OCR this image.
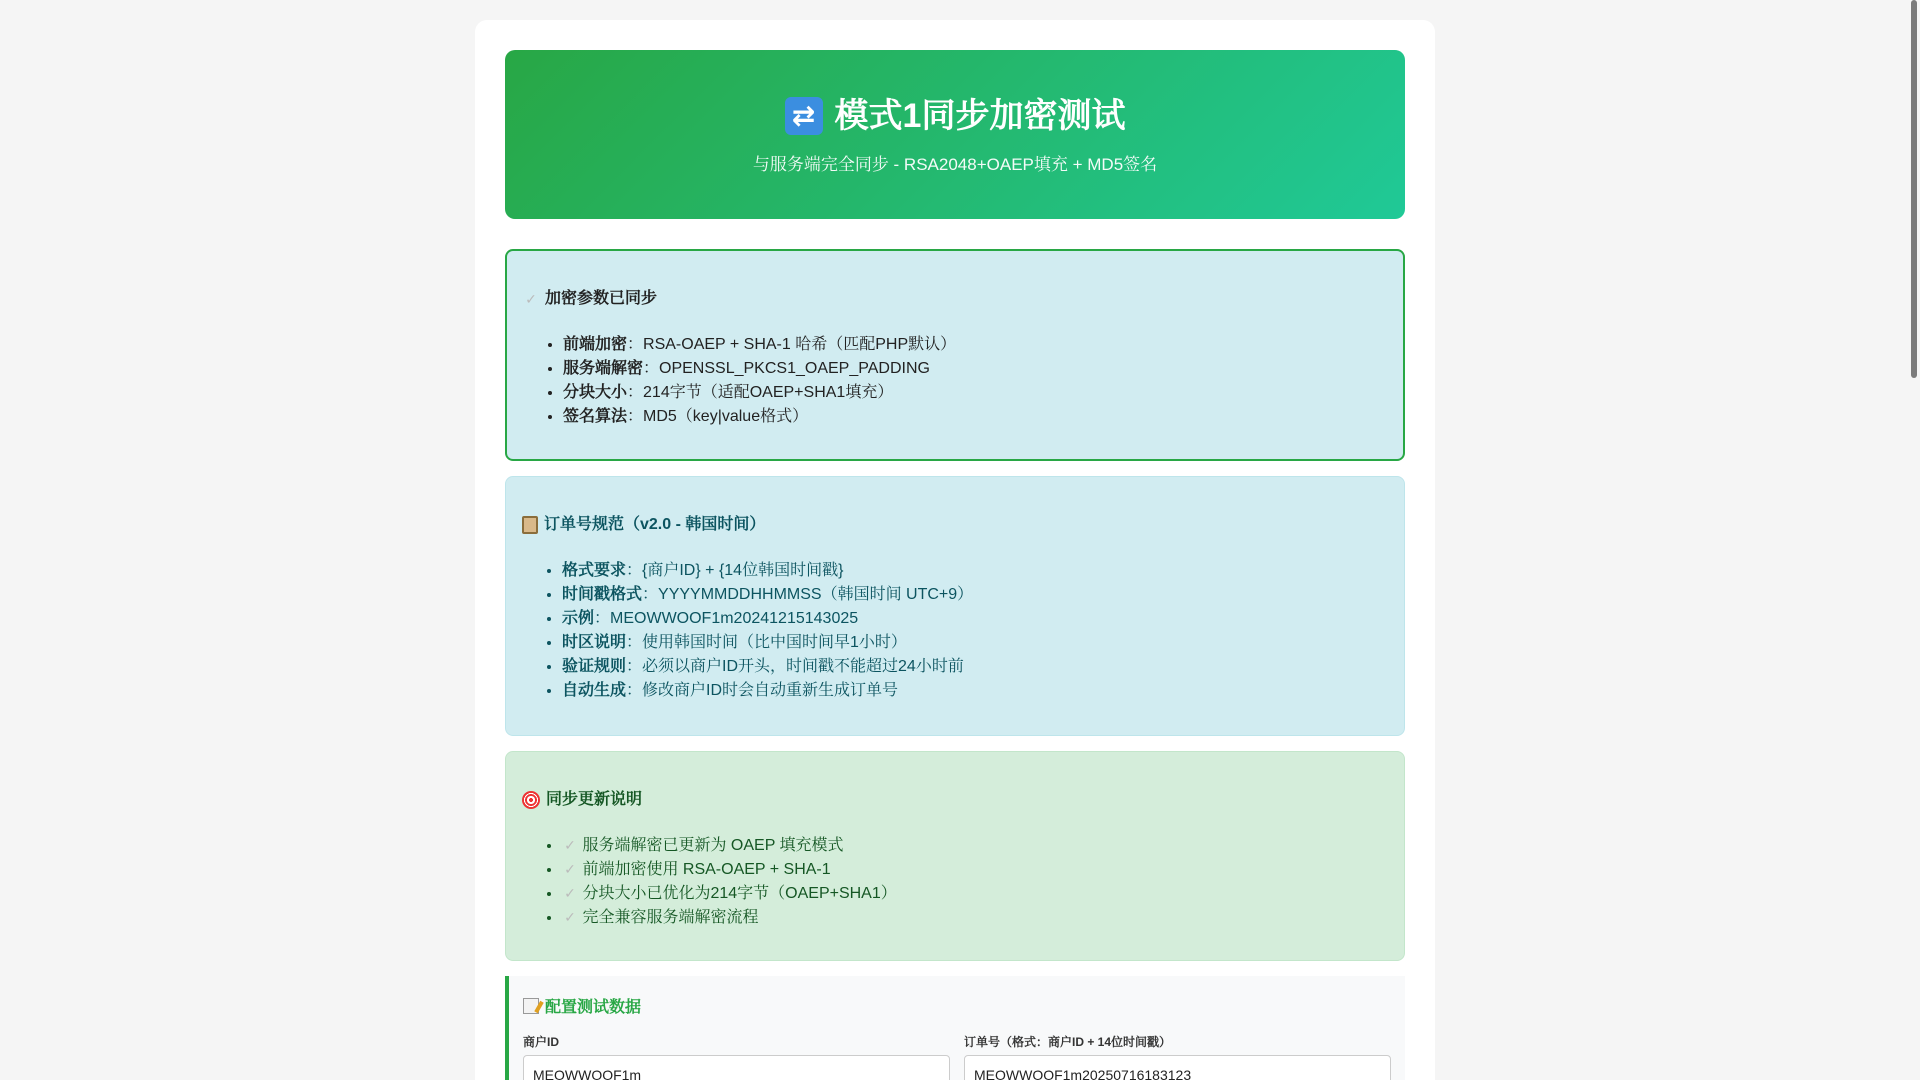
⇄ 模式1同步加密测试

与服务端完全同步 - RSA2048+OAEP填充 + MD5签名

✓ 加密参数已同步
• 前端加密：RSA-OAEP + SHA-1 哈希（匹配PHP默认）
• 服务端解密：OPENSSL_PKCS1_OAEP_PADDING
• 分块大小：214字节（适配OAEP+SHA1填充）
• 签名算法：MD5（key|value格式）
订单号规范（v2.0 - 韩国时间）
• 格式要求：{商户ID} + {14位韩国时间戳}
• 时间戳格式：YYYYMMDDHHMMSS（韩国时间 UTC+9）
• 示例：MEOWWOOF1m20241215143025
• 时区说明：使用韩国时间（比中国时间早1小时）
• 验证规则：必须以商户ID开头，时间戳不能超过24小时前
• 自动生成：修改商户ID时会自动重新生成订单号
同步更新说明
• ✓ 服务端解密已更新为 OAEP 填充模式
• ✓ 前端加密使用 RSA-OAEP + SHA-1
• ✓ 分块大小已优化为214字节（OAEP+SHA1）
• ✓ 完全兼容服务端解密流程
配置测试数据
商户ID
MEOWWOOF1m	订单号（格式：商户ID + 14位时间戳）
MEOWWOOF1m20250716183123
